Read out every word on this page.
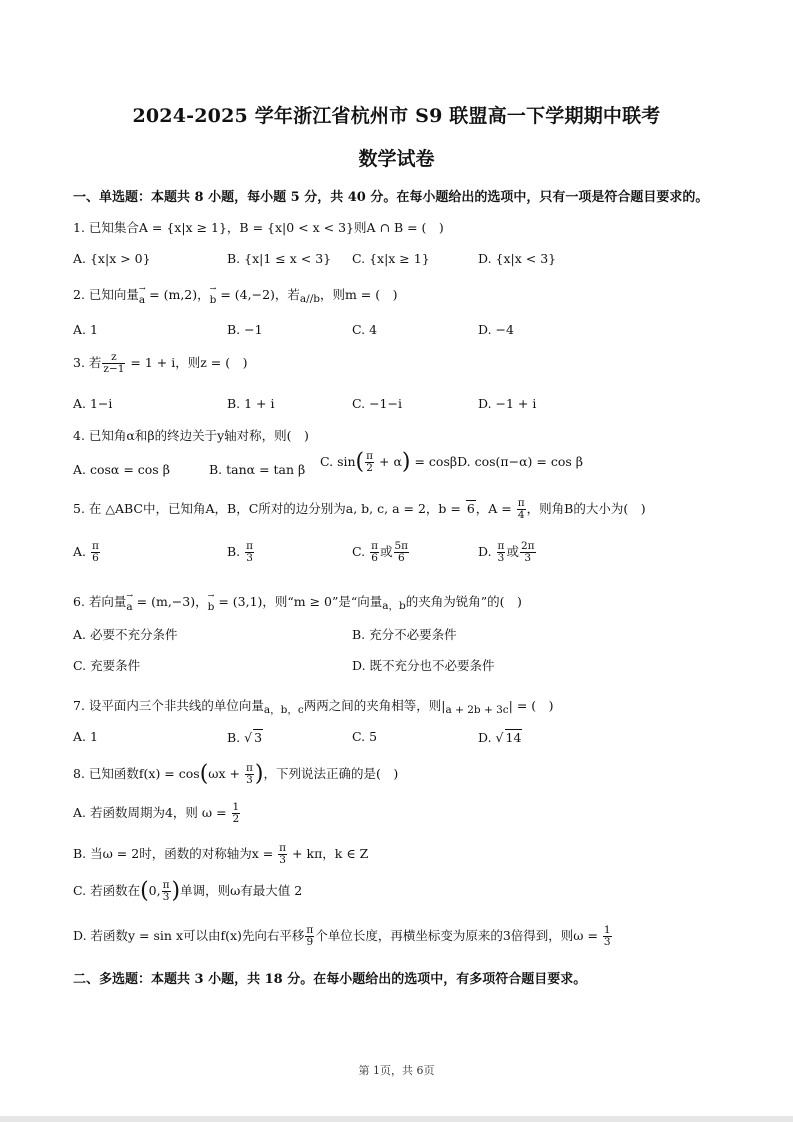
2024-2025 学年浙江省杭州市 S9 联盟高一下学期期中联考
数学试卷
一、单选题：本题共 8 小题，每小题 5 分，共 40 分。在每小题给出的选项中，只有一项是符合题目要求的。
1. 已知集合A = {x|x ≥ 1}，B = {x|0 < x < 3}则A ∩ B = (　)
A. {x|x > 0}	B. {x|1 ≤ x < 3} C. {x|x ≥ 1}	D. {x|x < 3}
2. 已知向量→ a = (m,2)，→ b = (4,−2)，若$_{a//b}$，则m = (　)
A. 1	B. −1	C. 4	D. −4
3. 若 $\frac{z}{z-1} = 1 + i$，则z = (　)
A. 1−i	B. 1 + i	C. −1−i	D. −1 + i
4. 已知角α和β的终边关于y轴对称，则(　)
A. cosα = cos β	B. tanα = tan β
C. $\sin( \frac{\pi}{2} + \alpha) = \cos\beta D$. cos(π−α) = cos β
5. 在 △ABC中，已知角A，B，C所对的边分别为a, b, c, a = 2，b = 6，$A = \frac{\pi}{4}$ ，则角B的大小为(　)
A. $\frac{\pi}{6}$	B. $\frac{\pi}{3}$	C. $\frac{\pi}{6}$ 或 $\frac{5\pi}{6}$	D. $\frac{\pi}{3}$ 或 $\frac{2\pi}{3}$
6. 若向量→ a = (m,−3)，→ b = (3,1)，则“m ≥ 0”是“向量$_{a,b}$的夹角为锐角”的(　)
A. 必要不充分条件	B. 充分不必要条件
C. 充要条件	D. 既不充分也不必要条件
7. 设平面内三个非共线的单位向量$_{a,b,c}$两两之间的夹角相等，则$|_{a + 2b + 3c}|$ = (　)
A. 1	B. √ 3	C. 5	D. √ 14
8. 已知函数$f(x) = \cos(\omega x + \frac{\pi}{3}$ )，下列说法正确的是(　)
A. 若函数周期为4，则 $\omega = \frac{1}{2}$
B. 当ω = 2时，函数的对称轴为$x = \frac{\pi}{3} + k\pi$，k ∈ Z
C. 若函数在(0, $\frac{\pi}{3}$ )单调，则ω有最大值 2
D. 若函数y = sin x可以由f(x)先向右平移 $\frac{\pi}{9}$ 个单位长度，再横坐标变为原来的3倍得到，则$\omega = \frac{1}{3}$
二、多选题：本题共 3 小题，共 18 分。在每小题给出的选项中，有多项符合题目要求。
第 1页，共 6页
